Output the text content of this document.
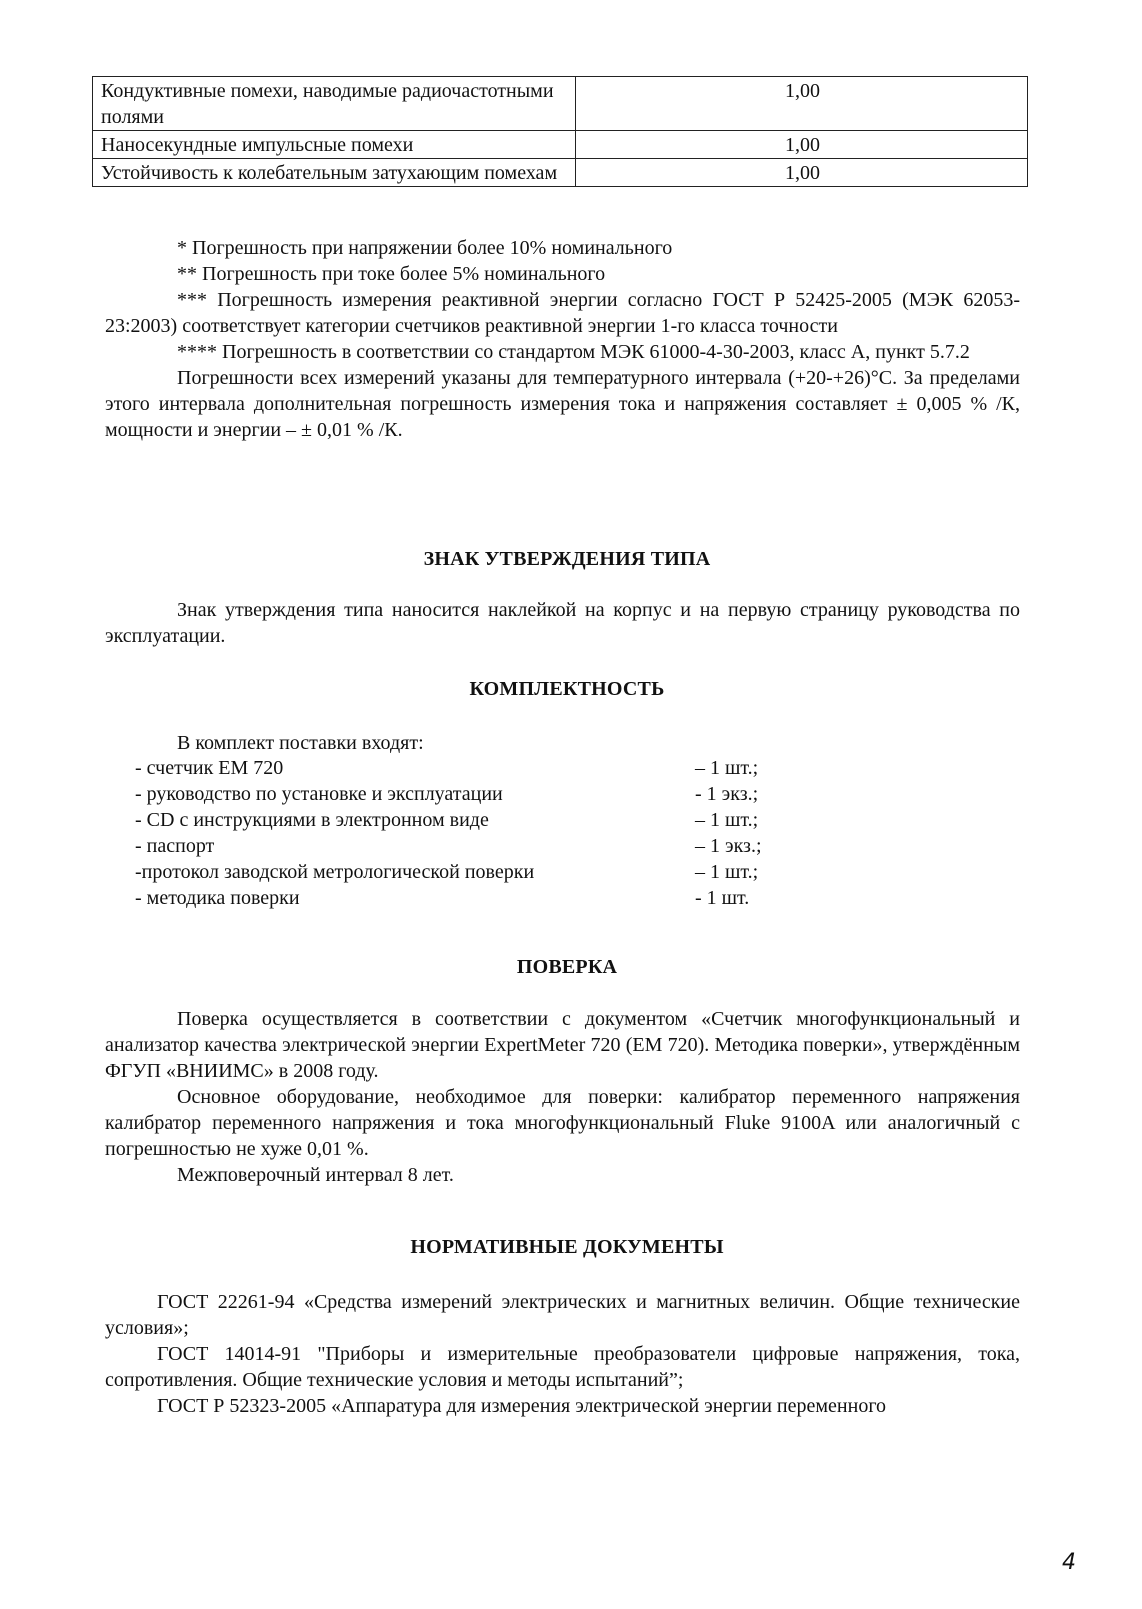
Кондуктивные помехи, наводимые радиочастотными полями	1,00
Наносекундные импульсные помехи	1,00
Устойчивость к колебательным затухающим помехам	1,00

* Погрешность при напряжении более 10% номинального

** Погрешность при токе более 5% номинального

*** Погрешность измерения реактивной энергии согласно ГОСТ Р 52425-2005 (МЭК 62053-23:2003) соответствует категории счетчиков реактивной энергии 1-го класса точности

**** Погрешность в соответствии со стандартом МЭК 61000-4-30-2003, класс А, пункт 5.7.2

Погрешности всех измерений указаны для температурного интервала (+20-+26)°С. За пределами этого интервала дополнительная погрешность измерения тока и напряжения составляет ± 0,005 % /К, мощности и энергии – ± 0,01 % /К.

ЗНАК УТВЕРЖДЕНИЯ ТИПА

Знак утверждения типа наносится наклейкой на корпус и на первую страницу руководства по эксплуатации.

КОМПЛЕКТНОСТЬ

В комплект поставки входят:

- счетчик ЕМ 720	– 1 шт.;
- руководство по установке и эксплуатации	- 1 экз.;
- CD с инструкциями в электронном виде	– 1 шт.;
- паспорт	– 1 экз.;
-протокол заводской метрологической поверки	– 1 шт.;
- методика поверки	- 1 шт.
ПОВЕРКА

Поверка осуществляется в соответствии с документом «Счетчик многофункциональный и анализатор качества электрической энергии ExpertMeter 720 (ЕМ 720). Методика поверки», утверждённым ФГУП «ВНИИМС» в 2008 году.

Основное оборудование, необходимое для поверки: калибратор переменного напряжения калибратор переменного напряжения и тока многофункциональный Fluke 9100A или аналогичный с погрешностью не хуже 0,01 %.

Межповерочный интервал 8 лет.

НОРМАТИВНЫЕ ДОКУМЕНТЫ

ГОСТ 22261-94 «Средства измерений электрических и магнитных величин. Общие технические условия»;

ГОСТ 14014-91 "Приборы и измерительные преобразователи цифровые напряжения, тока, сопротивления. Общие технические условия и методы испытаний”;

ГОСТ Р 52323-2005 «Аппаратура для измерения электрической энергии переменного

4
